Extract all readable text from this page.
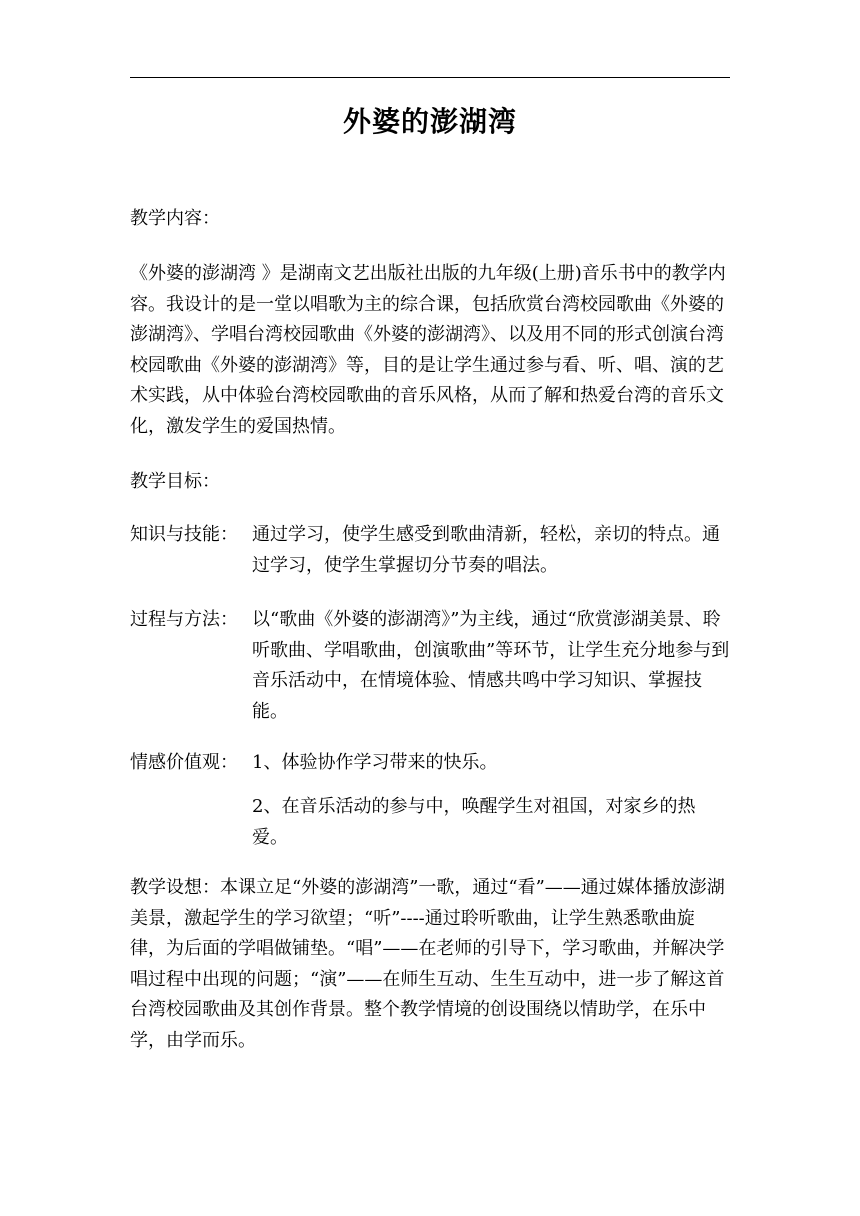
外婆的澎湖湾
教学内容：
《外婆的澎湖湾 》是湖南文艺出版社出版的九年级(上册)音乐书中的教学内容。我设计的是一堂以唱歌为主的综合课，包括欣赏台湾校园歌曲《外婆的澎湖湾》、学唱台湾校园歌曲《外婆的澎湖湾》、以及用不同的形式创演台湾校园歌曲《外婆的澎湖湾》等，目的是让学生通过参与看、听、唱、演的艺术实践，从中体验台湾校园歌曲的音乐风格，从而了解和热爱台湾的音乐文化，激发学生的爱国热情。
教学目标：
知识与技能： 通过学习，使学生感受到歌曲清新，轻松，亲切的特点。通过学习，使学生掌握切分节奏的唱法。
过程与方法： 以“歌曲《外婆的澎湖湾》”为主线，通过“欣赏澎湖美景、聆听歌曲、学唱歌曲，创演歌曲”等环节，让学生充分地参与到音乐活动中，在情境体验、情感共鸣中学习知识、掌握技能。
情感价值观： 1、体验协作学习带来的快乐。
2、在音乐活动的参与中，唤醒学生对祖国，对家乡的热爱。
教学设想：本课立足“外婆的澎湖湾”一歌，通过“看”——通过媒体播放澎湖美景，激起学生的学习欲望；“听”----通过聆听歌曲，让学生熟悉歌曲旋律，为后面的学唱做铺垫。“唱”——在老师的引导下，学习歌曲，并解决学唱过程中出现的问题；“演”——在师生互动、生生互动中，进一步了解这首台湾校园歌曲及其创作背景。整个教学情境的创设围绕以情助学，在乐中学，由学而乐。
